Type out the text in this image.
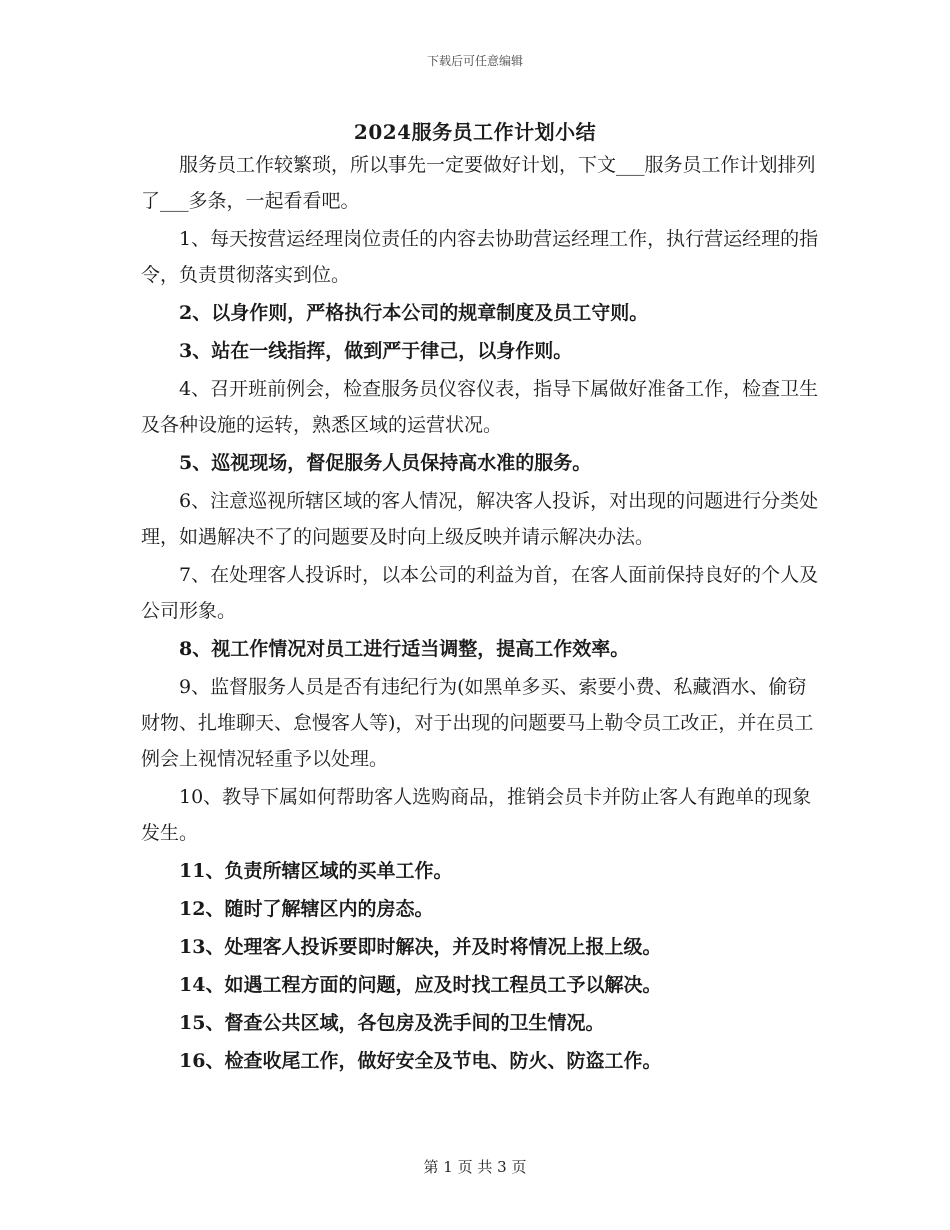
下载后可任意编辑
2024服务员工作计划小结

服务员工作较繁琐，所以事先一定要做好计划，下文___服务员工作计划排列了___多条，一起看看吧。

1、每天按营运经理岗位责任的内容去协助营运经理工作，执行营运经理的指令，负责贯彻落实到位。

2、以身作则，严格执行本公司的规章制度及员工守则。

3、站在一线指挥，做到严于律己，以身作则。

4、召开班前例会，检查服务员仪容仪表，指导下属做好准备工作，检查卫生及各种设施的运转，熟悉区域的运营状况。

5、巡视现场，督促服务人员保持高水准的服务。

6、注意巡视所辖区域的客人情况，解决客人投诉，对出现的问题进行分类处理，如遇解决不了的问题要及时向上级反映并请示解决办法。

7、在处理客人投诉时，以本公司的利益为首，在客人面前保持良好的个人及公司形象。

8、视工作情况对员工进行适当调整，提高工作效率。

9、监督服务人员是否有违纪行为(如黑单多买、索要小费、私藏酒水、偷窃财物、扎堆聊天、怠慢客人等)，对于出现的问题要马上勒令员工改正，并在员工例会上视情况轻重予以处理。

10、教导下属如何帮助客人选购商品，推销会员卡并防止客人有跑单的现象发生。

11、负责所辖区域的买单工作。

12、随时了解辖区内的房态。

13、处理客人投诉要即时解决，并及时将情况上报上级。

14、如遇工程方面的问题，应及时找工程员工予以解决。

15、督查公共区域，各包房及洗手间的卫生情况。

16、检查收尾工作，做好安全及节电、防火、防盗工作。

第 1 页 共 3 页
